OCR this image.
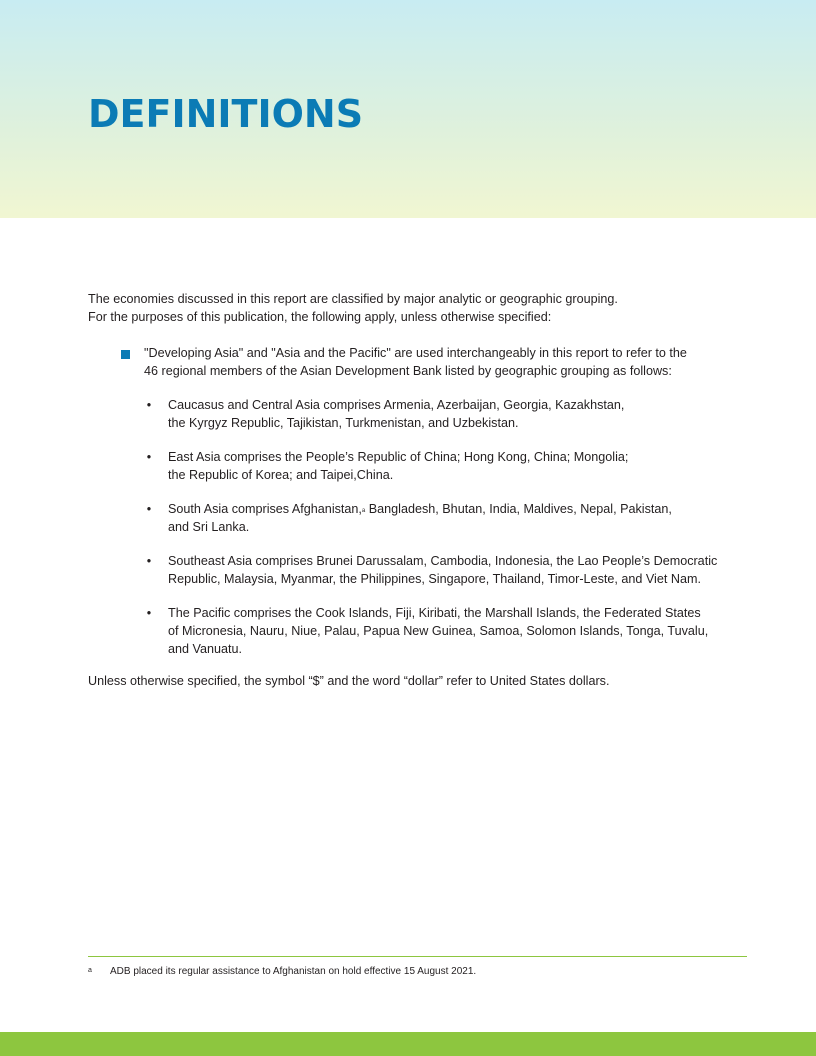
DEFINITIONS

The economies discussed in this report are classified by major analytic or geographic grouping.

For the purposes of this publication, the following apply, unless otherwise specified:

"Developing Asia" and "Asia and the Pacific" are used interchangeably in this report to refer to the
46 regional members of the Asian Development Bank listed by geographic grouping as follows:

• Caucasus and Central Asia comprises Armenia, Azerbaijan, Georgia, Kazakhstan,
the Kyrgyz Republic, Tajikistan, Turkmenistan, and Uzbekistan.
• East Asia comprises the People’s Republic of China; Hong Kong, China; Mongolia;
the Republic of Korea; and Taipei,China.
• South Asia comprises Afghanistan,$^a$ Bangladesh, Bhutan, India, Maldives, Nepal, Pakistan,
and Sri Lanka.
• Southeast Asia comprises Brunei Darussalam, Cambodia, Indonesia, the Lao People’s Democratic
Republic, Malaysia, Myanmar, the Philippines, Singapore, Thailand, Timor-Leste, and Viet Nam.
• The Pacific comprises the Cook Islands, Fiji, Kiribati, the Marshall Islands, the Federated States
of Micronesia, Nauru, Niue, Palau, Papua New Guinea, Samoa, Solomon Islands, Tonga, Tuvalu,
and Vanuatu.

Unless otherwise specified, the symbol “$” and the word “dollar” refer to United States dollars.

a ADB placed its regular assistance to Afghanistan on hold effective 15 August 2021.
